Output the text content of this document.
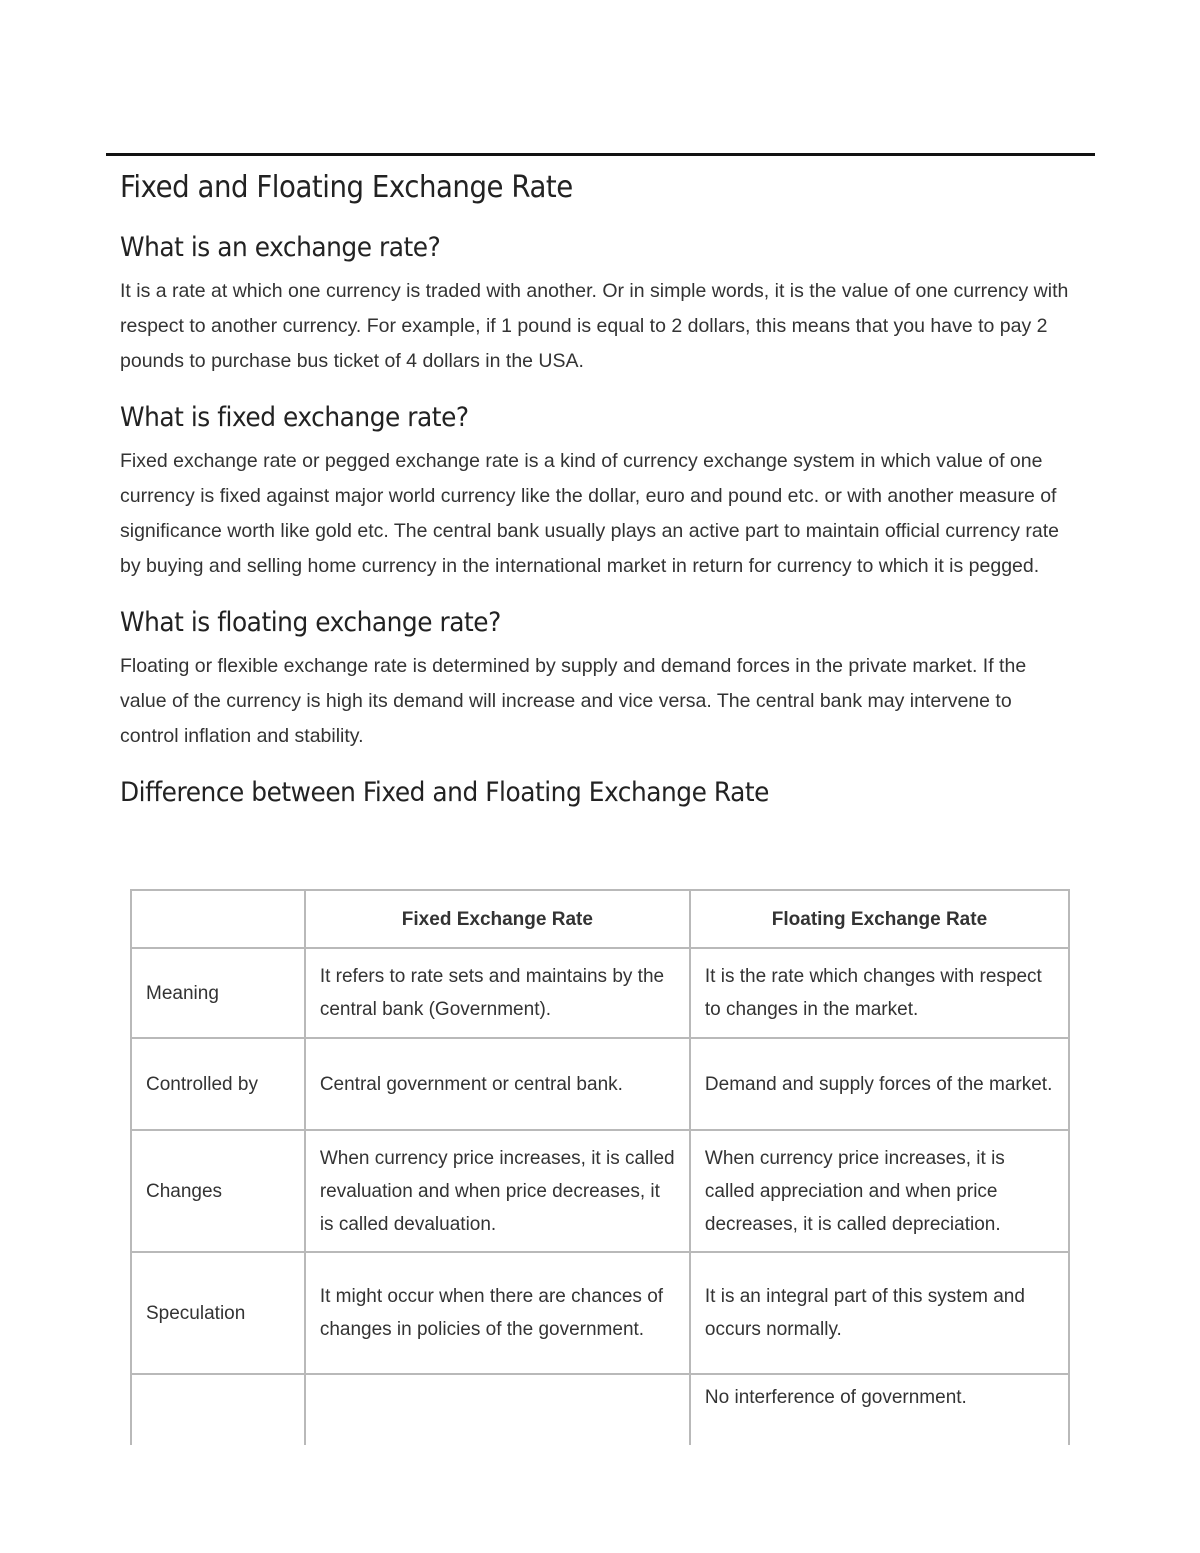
Fixed and Floating Exchange Rate
What is an exchange rate?

It is a rate at which one currency is traded with another. Or in simple words, it is the value of one currency with respect to another currency. For example, if 1 pound is equal to 2 dollars, this means that you have to pay 2 pounds to purchase bus ticket of 4 dollars in the USA.

What is fixed exchange rate?

Fixed exchange rate or pegged exchange rate is a kind of currency exchange system in which value of one currency is fixed against major world currency like the dollar, euro and pound etc. or with another measure of significance worth like gold etc. The central bank usually plays an active part to maintain official currency rate by buying and selling home currency in the international market in return for currency to which it is pegged.

What is floating exchange rate?

Floating or flexible exchange rate is determined by supply and demand forces in the private market. If the value of the currency is high its demand will increase and vice versa. The central bank may intervene to control inflation and stability.

Difference between Fixed and Floating Exchange Rate
	Fixed Exchange Rate	Floating Exchange Rate
Meaning	It refers to rate sets and maintains by the central bank (Government).	It is the rate which changes with respect to changes in the market.
Controlled by	Central government or central bank.	Demand and supply forces of the market.
Changes	When currency price increases, it is called revaluation and when price decreases, it is called devaluation.	When currency price increases, it is called appreciation and when price decreases, it is called depreciation.
Speculation	It might occur when there are chances of changes in policies of the government.	It is an integral part of this system and occurs normally.
		No interference of government.
